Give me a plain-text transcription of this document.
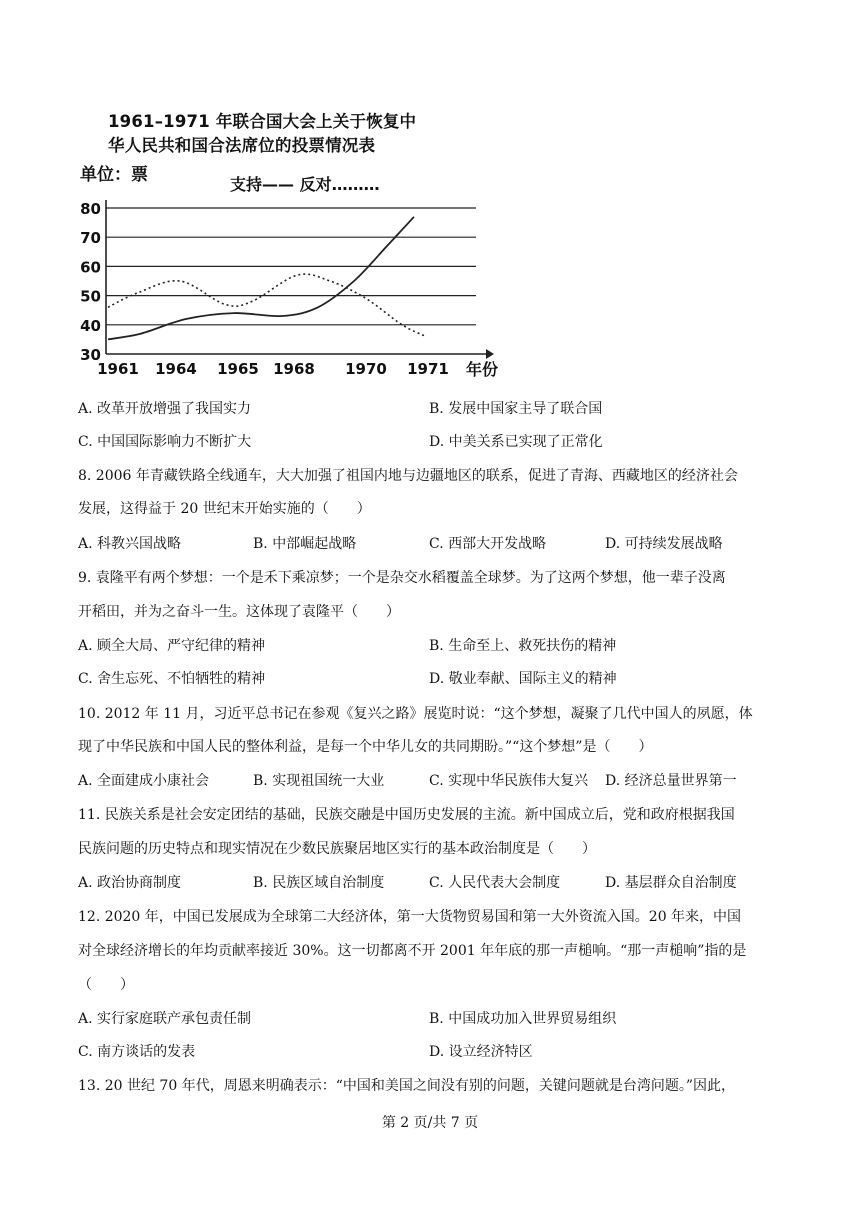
1961–1971 年联合国大会上关于恢复中
华人民共和国合法席位的投票情况表
单位：票	支持—— 反对………
30
40
50
60
70
80
1961 1964 1965 1968 1970 1971 年份
A. 改革开放增强了我国实力	B. 发展中国家主导了联合国
C. 中国国际影响力不断扩大	D. 中美关系已实现了正常化
8. 2006 年青藏铁路全线通车，大大加强了祖国内地与边疆地区的联系，促进了青海、西藏地区的经济社会
发展，这得益于 20 世纪末开始实施的（　　）
A. 科教兴国战略	B. 中部崛起战略	C. 西部大开发战略	D. 可持续发展战略
9. 袁隆平有两个梦想：一个是禾下乘凉梦；一个是杂交水稻覆盖全球梦。为了这两个梦想，他一辈子没离
开稻田，并为之奋斗一生。这体现了袁隆平（　　）
A. 顾全大局、严守纪律的精神	B. 生命至上、救死扶伤的精神
C. 舍生忘死、不怕牺牲的精神	D. 敬业奉献、国际主义的精神
10. 2012 年 11 月，习近平总书记在参观《复兴之路》展览时说：“这个梦想，凝聚了几代中国人的夙愿，体
现了中华民族和中国人民的整体利益，是每一个中华儿女的共同期盼。”“这个梦想”是（　　）
A. 全面建成小康社会	B. 实现祖国统一大业	C. 实现中华民族伟大复兴 D. 经济总量世界第一
11. 民族关系是社会安定团结的基础，民族交融是中国历史发展的主流。新中国成立后，党和政府根据我国
民族问题的历史特点和现实情况在少数民族聚居地区实行的基本政治制度是（　　）
A. 政治协商制度	B. 民族区域自治制度	C. 人民代表大会制度	D. 基层群众自治制度
12. 2020 年，中国已发展成为全球第二大经济体，第一大货物贸易国和第一大外资流入国。20 年来，中国
对全球经济增长的年均贡献率接近 30%。这一切都离不开 2001 年年底的那一声槌响。“那一声槌响”指的是
（　　）
A. 实行家庭联产承包责任制	B. 中国成功加入世界贸易组织
C. 南方谈话的发表	D. 设立经济特区
13. 20 世纪 70 年代，周恩来明确表示：“中国和美国之间没有别的问题，关键问题就是台湾问题。”因此，
第 2 页/共 7 页
